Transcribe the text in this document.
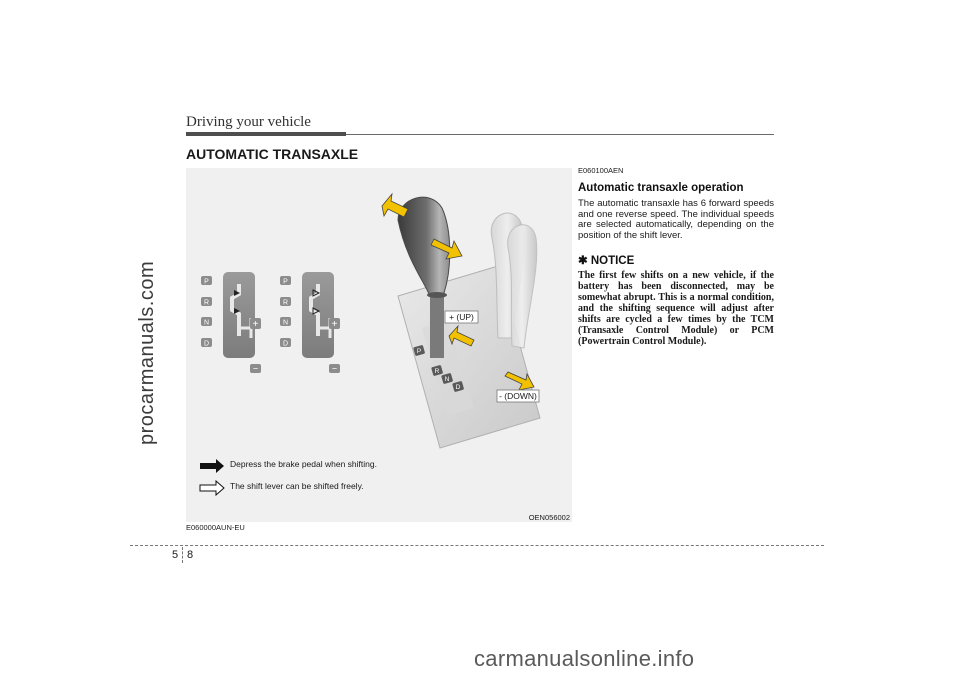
procarmanuals.com
Driving your vehicle
AUTOMATIC TRANSAXLE
P
R
N
D
+
−
P
R
N
D
+
−
P
R
N
D
+ (UP)
- (DOWN)
Depress the brake pedal when shifting.
The shift lever can be shifted freely.
OEN056002
E060000AUN-EU
E060100AEN
Automatic transaxle operation
The automatic transaxle has 6 forward speeds and one reverse speed. The individual speeds are selected automatically, depending on the position of the shift lever.
✱ NOTICE
The first few shifts on a new vehicle, if the battery has been disconnected, may be somewhat abrupt. This is a normal condition, and the shifting sequence will adjust after shifts are cycled a few times by the TCM (Transaxle Control Module) or PCM (Powertrain Control Module).
5 8
carmanualsonline.info
